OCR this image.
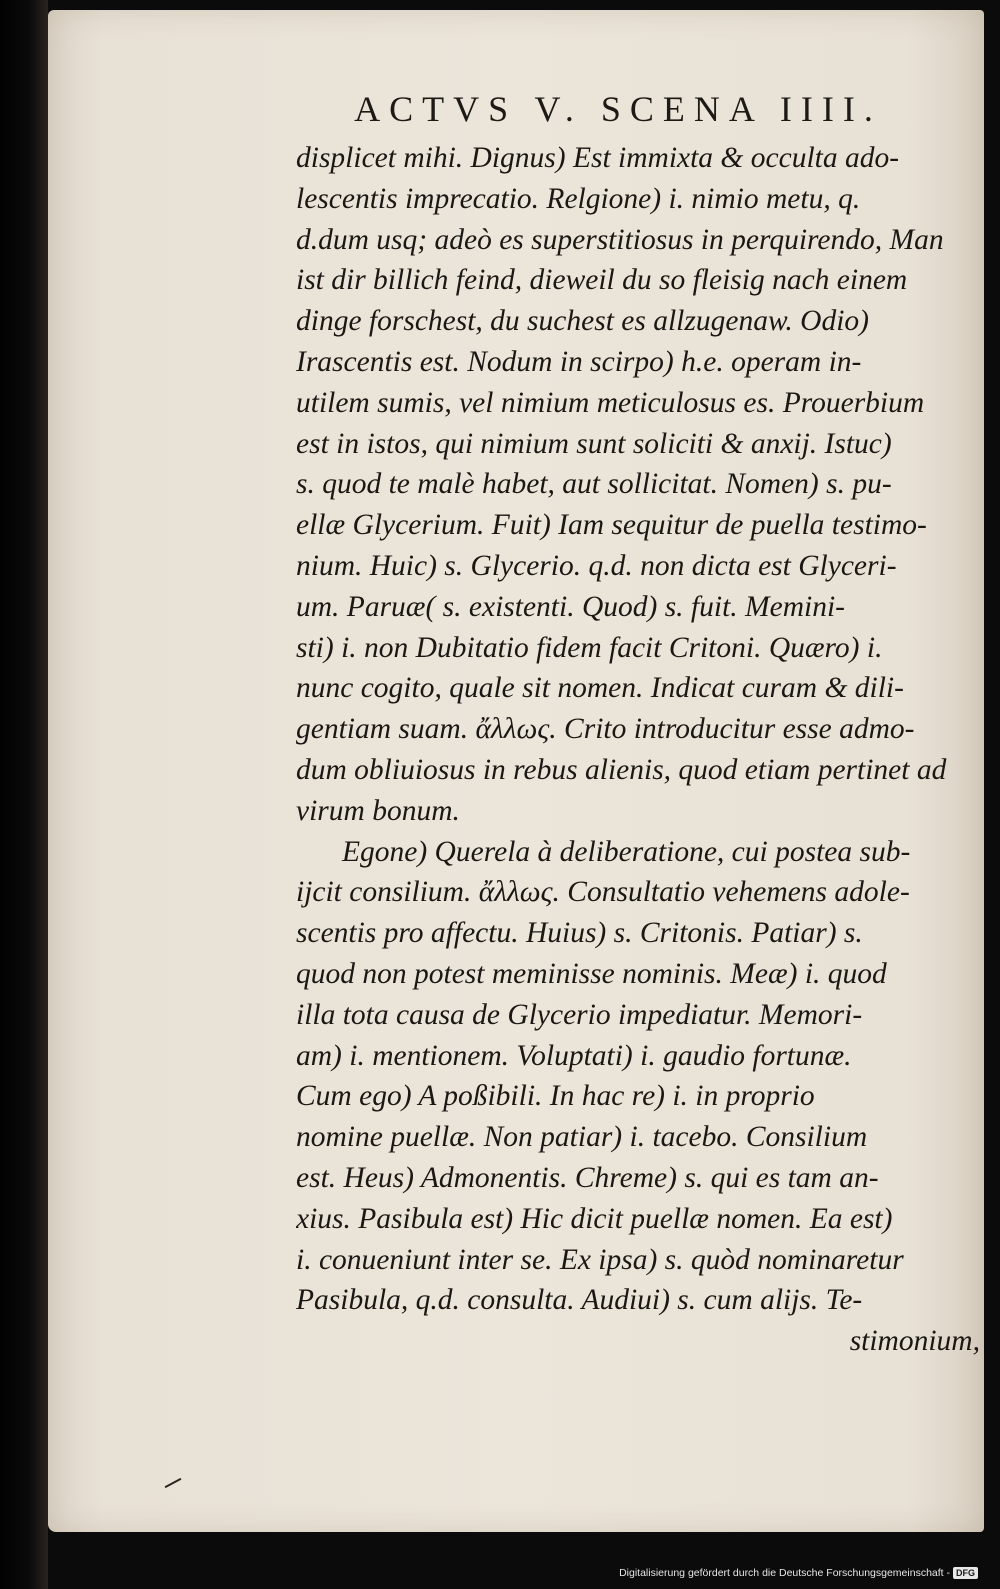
ACTVS V. SCENA IIII.
displicet mihi. Dignus) Est immixta & occulta ado-
lescentis imprecatio. Relgione) i. nimio metu, q.
d.dum usq; adeò es superstitiosus in perquirendo, Man
ist dir billich feind, dieweil du so fleisig nach einem
dinge forschest, du suchest es allzugenaw. Odio)
Irascentis est. Nodum in scirpo) h.e. operam in-
utilem sumis, vel nimium meticulosus es. Prouerbium
est in istos, qui nimium sunt soliciti & anxij. Istuc)
s. quod te malè habet, aut sollicitat. Nomen) s. pu-
ellæ Glycerium. Fuit) Iam sequitur de puella testimo-
nium. Huic) s. Glycerio. q.d. non dicta est Glyceri-
um. Paruæ( s. existenti. Quod) s. fuit. Memini-
sti) i. non Dubitatio fidem facit Critoni. Quæro) i.
nunc cogito, quale sit nomen. Indicat curam & dili-
gentiam suam. ἄλλως. Crito introducitur esse admo-
dum obliuiosus in rebus alienis, quod etiam pertinet ad
virum bonum.
Egone) Querela à deliberatione, cui postea sub-
ijcit consilium. ἄλλως. Consultatio vehemens adole-
scentis pro affectu. Huius) s. Critonis. Patiar) s.
quod non potest meminisse nominis. Meæ) i. quod
illa tota causa de Glycerio impediatur. Memori-
am) i. mentionem. Voluptati) i. gaudio fortunæ.
Cum ego) A poßibili. In hac re) i. in proprio
nomine puellæ. Non patiar) i. tacebo. Consilium
est. Heus) Admonentis. Chreme) s. qui es tam an-
xius. Pasibula est) Hic dicit puellæ nomen. Ea est)
i. conueniunt inter se. Ex ipsa) s. quòd nominaretur
Pasibula, q.d. consulta. Audiui) s. cum alijs. Te-
stimonium,
Digitalisierung gefördert durch die Deutsche Forschungsgemeinschaft - DFG
